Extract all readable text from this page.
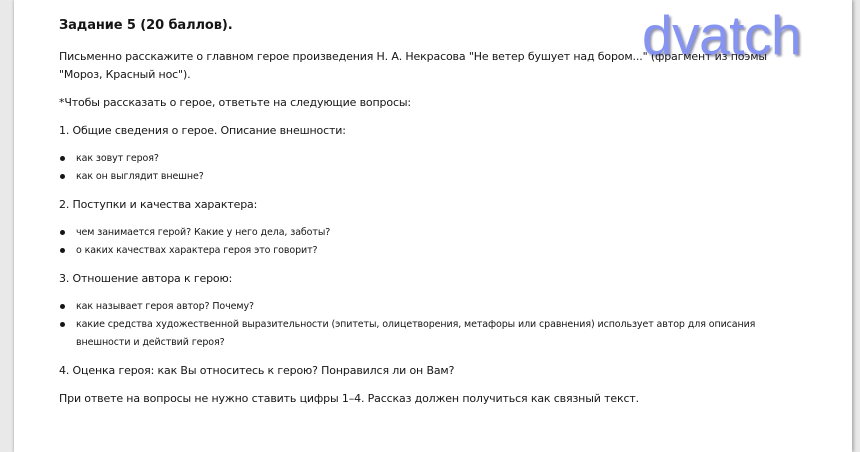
Задание 5 (20 баллов).
Письменно расскажите о главном герое произведения Н. А. Некрасова "Не ветер бушует над бором..." (фрагмент из поэмы "Мороз, Красный нос").
*Чтобы рассказать о герое, ответьте на следующие вопросы:
1. Общие сведения о герое. Описание внешности:
как зовут героя?
как он выглядит внешне?
2. Поступки и качества характера:
чем занимается герой? Какие у него дела, заботы?
о каких качествах характера героя это говорит?
3. Отношение автора к герою:
как называет героя автор? Почему?
какие средства художественной выразительности (эпитеты, олицетворения, метафоры или сравнения) использует автор для описания внешности и действий героя?
4. Оценка героя: как Вы относитесь к герою? Понравился ли он Вам?
При ответе на вопросы не нужно ставить цифры 1–4. Рассказ должен получиться как связный текст.
dvatch
